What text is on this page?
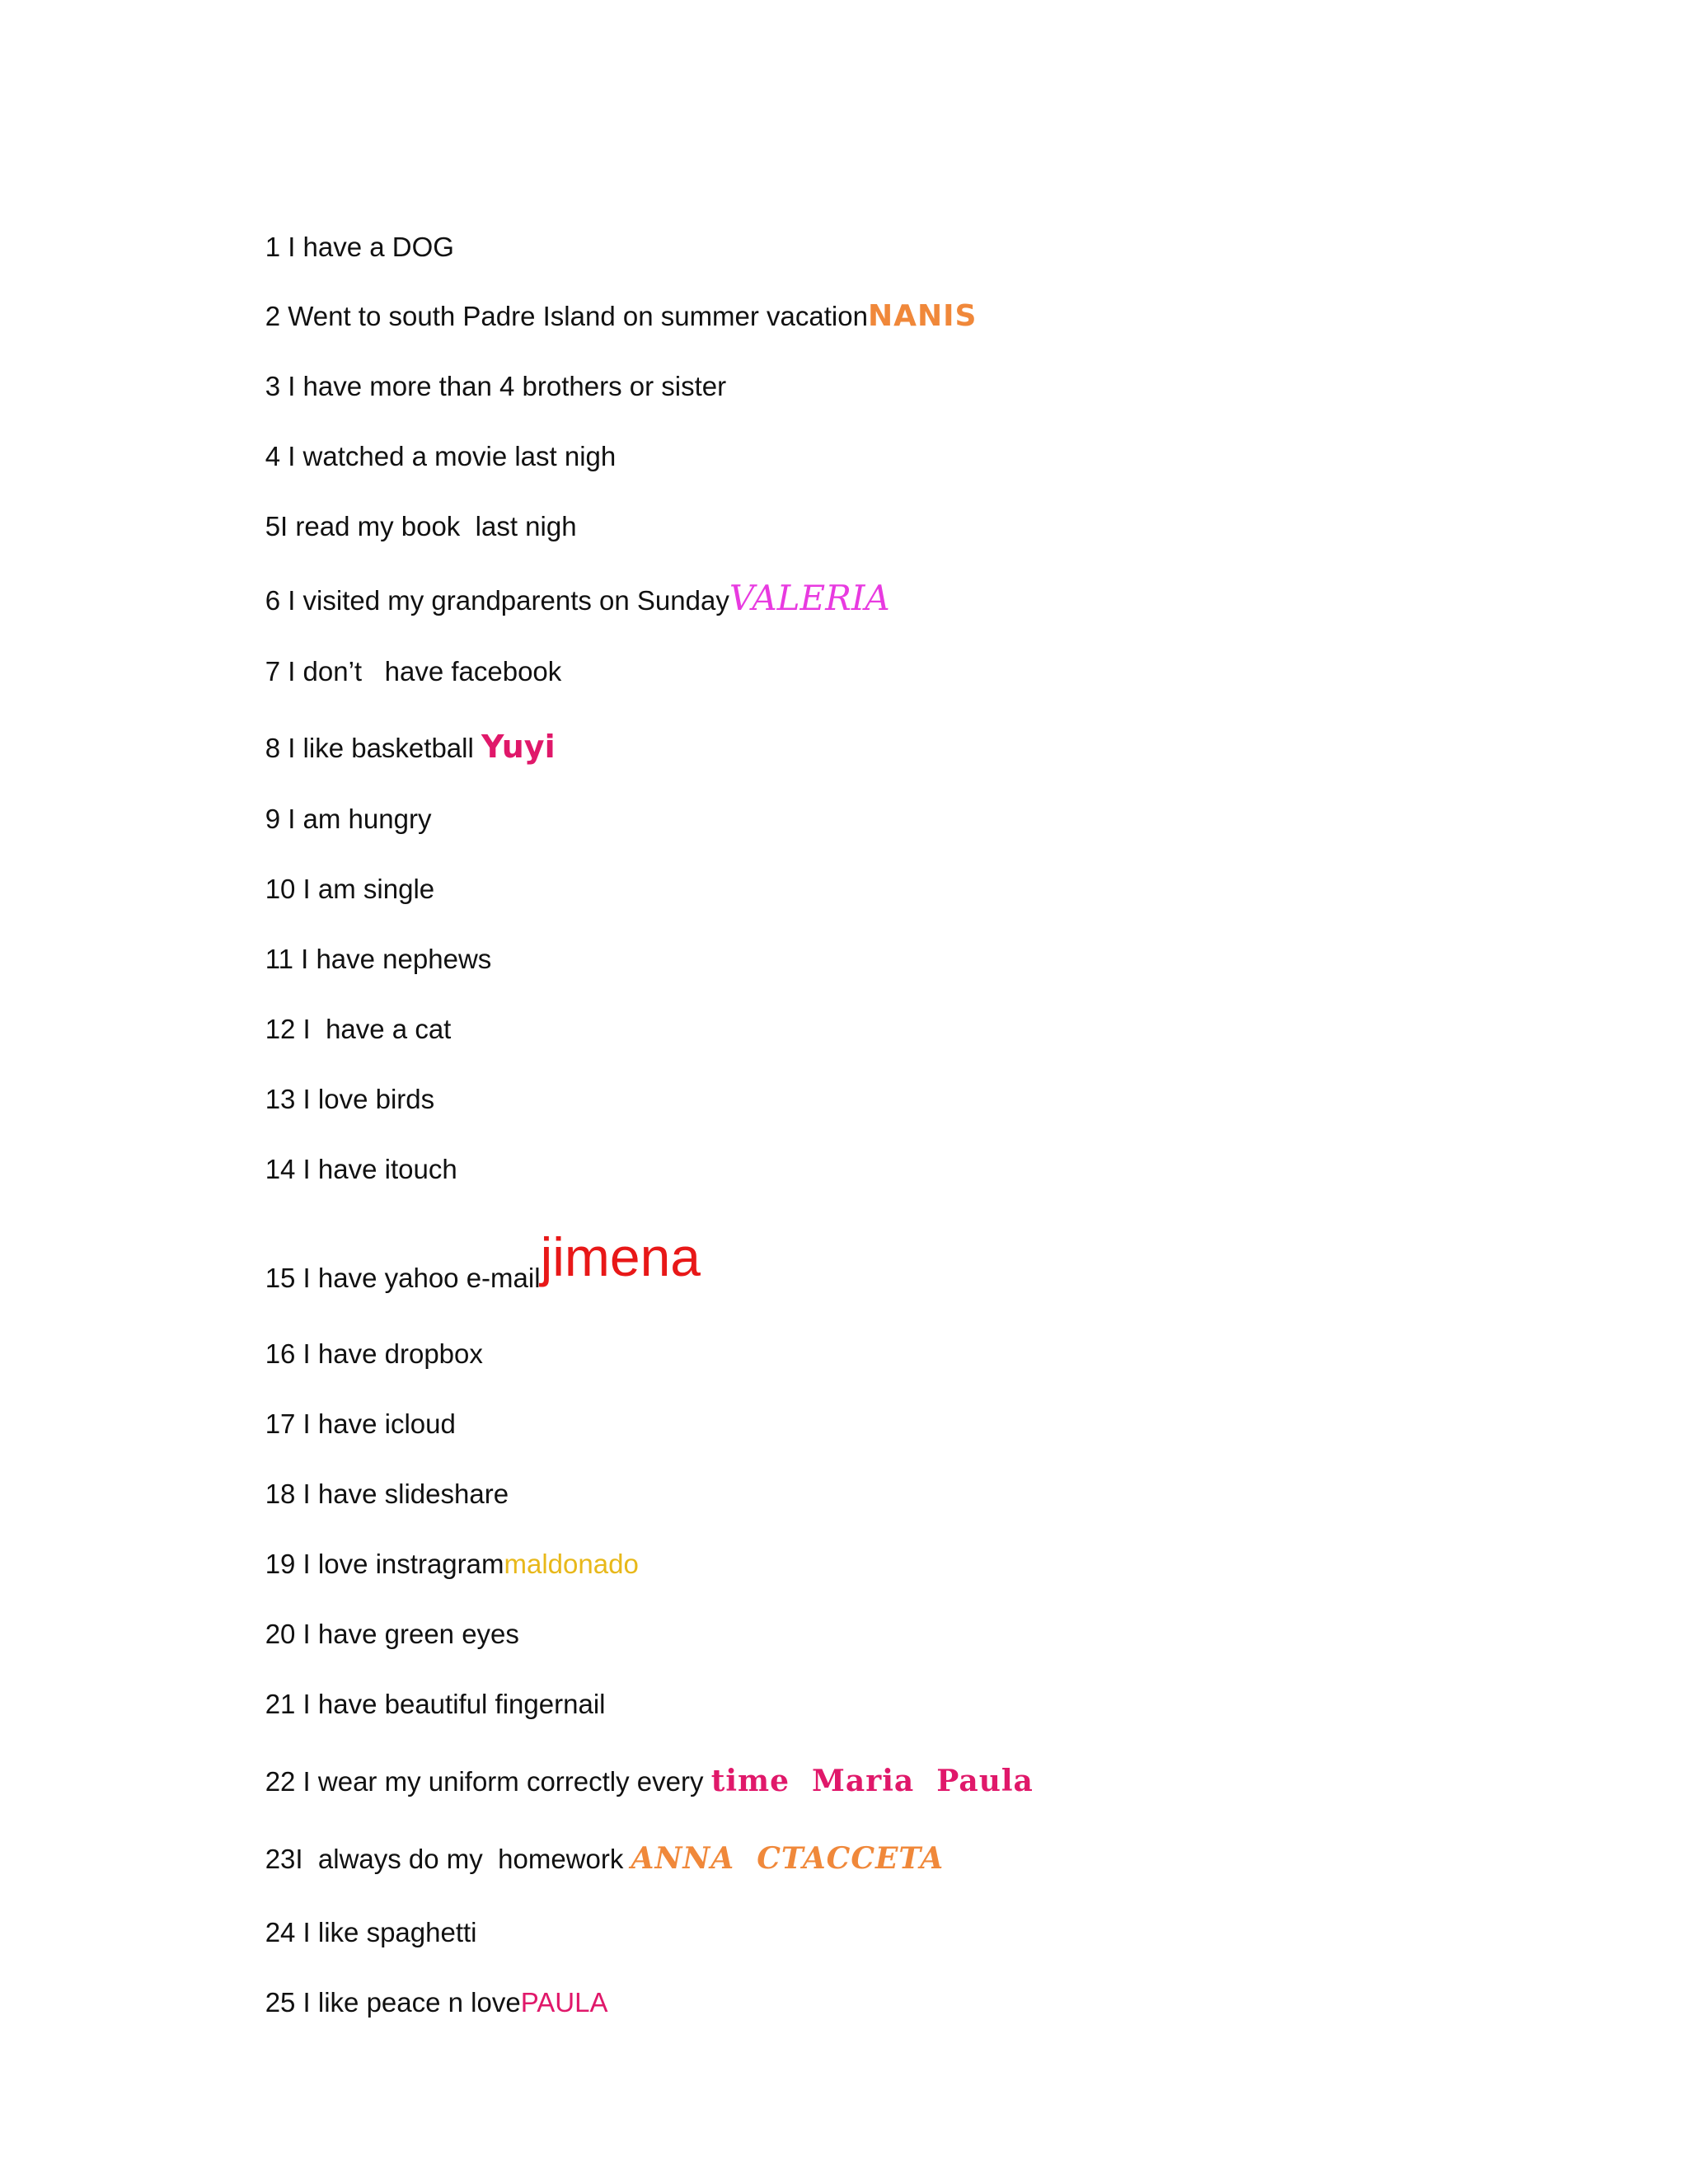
1 I have a DOG

2 Went to south Padre Island on summer vacationNANIS

3 I have more than 4 brothers or sister

4 I watched a movie last nigh

5I read my book  last nigh

6 I visited my grandparents on SundayVALERIA

7 I don’t   have facebook

8 I like basketball Yuyi

9 I am hungry

10 I am single

11 I have nephews

12 I  have a cat

13 I love birds

14 I have itouch

15 I have yahoo e-mailjimena

16 I have dropbox

17 I have icloud

18 I have slideshare

19 I love instragrammaldonado

20 I have green eyes

21 I have beautiful fingernail

22 I wear my uniform correctly every time  Maria  Paula

23I  always do my  homework ANNA  CTACCETA

24 I like spaghetti

25 I like peace n lovePAULA
